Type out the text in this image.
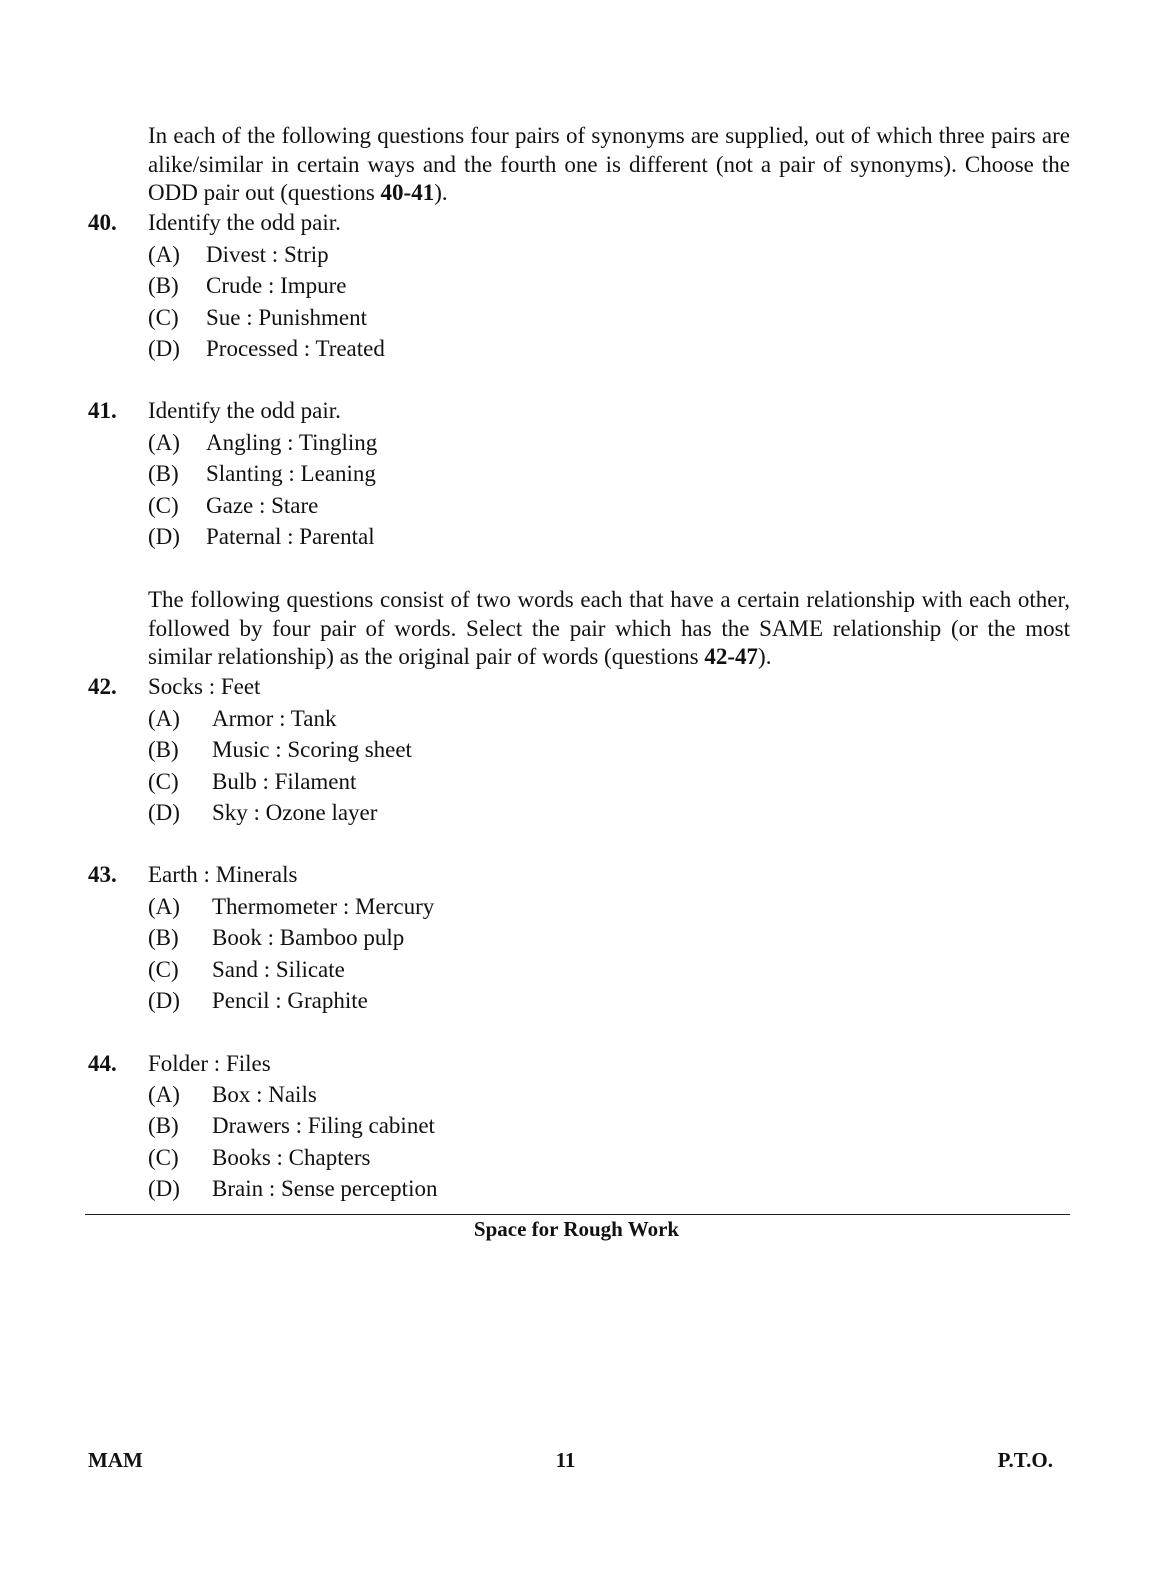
In each of the following questions four pairs of synonyms are supplied, out of which three pairs are alike/similar in certain ways and the fourth one is different (not a pair of synonyms). Choose the ODD pair out (questions 40-41).
40. Identify the odd pair.
(A) Divest : Strip
(B) Crude : Impure
(C) Sue : Punishment
(D) Processed : Treated
41. Identify the odd pair.
(A) Angling : Tingling
(B) Slanting : Leaning
(C) Gaze : Stare
(D) Paternal : Parental
The following questions consist of two words each that have a certain relationship with each other, followed by four pair of words. Select the pair which has the SAME relationship (or the most similar relationship) as the original pair of words (questions 42-47).
42. Socks : Feet
(A) Armor : Tank
(B) Music : Scoring sheet
(C) Bulb : Filament
(D) Sky : Ozone layer
43. Earth : Minerals
(A) Thermometer : Mercury
(B) Book : Bamboo pulp
(C) Sand : Silicate
(D) Pencil : Graphite
44. Folder : Files
(A) Box : Nails
(B) Drawers : Filing cabinet
(C) Books : Chapters
(D) Brain : Sense perception
Space for Rough Work
MAM	11	P.T.O.
